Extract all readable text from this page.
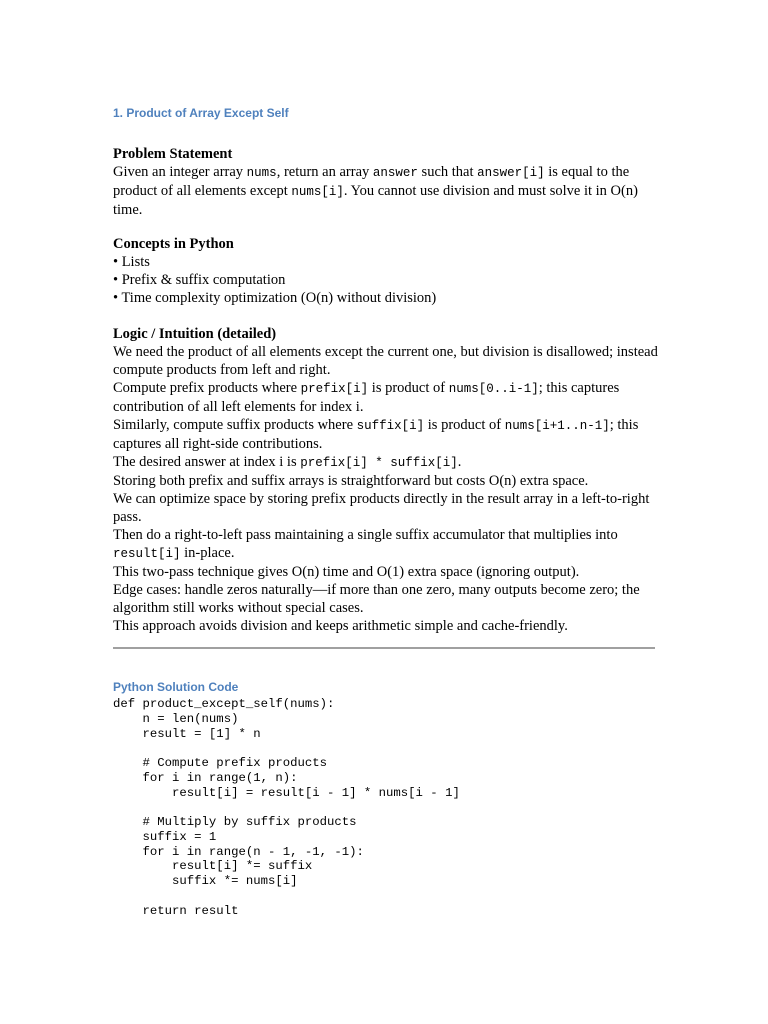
1. Product of Array Except Self

Problem Statement

Given an integer array nums, return an array answer such that answer[i] is equal to the product of all elements except nums[i]. You cannot use division and must solve it in O(n) time.

Concepts in Python

• Lists

• Prefix & suffix computation

• Time complexity optimization (O(n) without division)

Logic / Intuition (detailed)

We need the product of all elements except the current one, but division is disallowed; instead compute products from left and right.

Compute prefix products where prefix[i] is product of nums[0..i-1]; this captures contribution of all left elements for index i.

Similarly, compute suffix products where suffix[i] is product of nums[i+1..n-1]; this captures all right-side contributions.

The desired answer at index i is prefix[i] * suffix[i].

Storing both prefix and suffix arrays is straightforward but costs O(n) extra space.

We can optimize space by storing prefix products directly in the result array in a left-to-right pass.

Then do a right-to-left pass maintaining a single suffix accumulator that multiplies into result[i] in-place.

This two-pass technique gives O(n) time and O(1) extra space (ignoring output).

Edge cases: handle zeros naturally—if more than one zero, many outputs become zero; the algorithm still works without special cases.

This approach avoids division and keeps arithmetic simple and cache-friendly.

Python Solution Code
def product_except_self(nums):
n = len(nums)
result = [1] * n

# Compute prefix products
for i in range(1, n):
result[i] = result[i - 1] * nums[i - 1]

# Multiply by suffix products
suffix = 1
for i in range(n - 1, -1, -1):
result[i] *= suffix
suffix *= nums[i]

return result
